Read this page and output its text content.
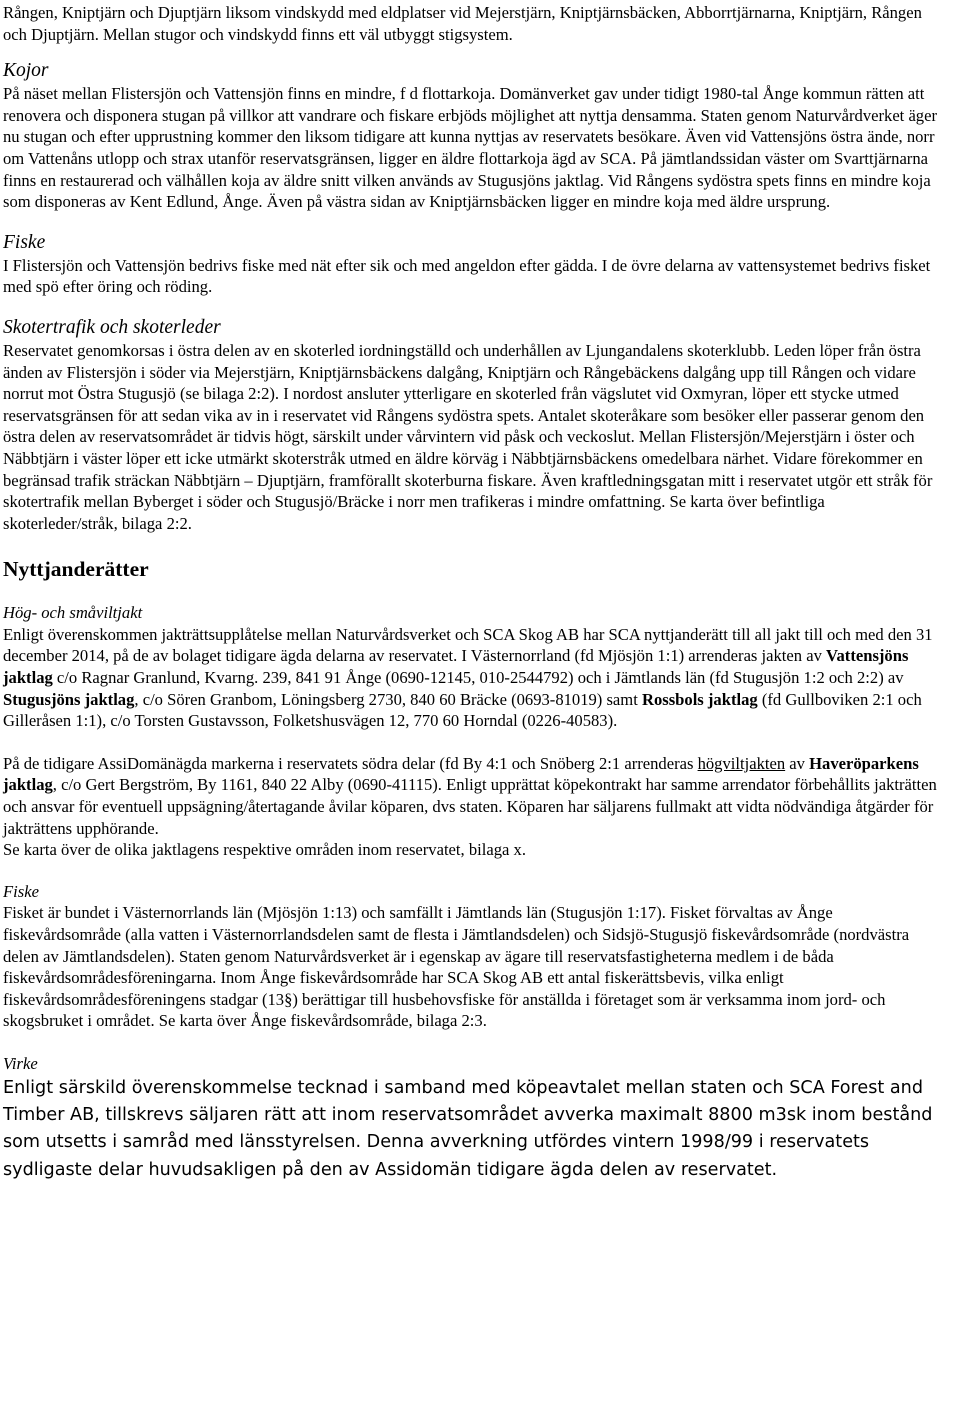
Rången, Kniptjärn och Djuptjärn liksom vindskydd med eldplatser vid Mejerstjärn, Kniptjärnsbäcken, Abborrtjärnarna, Kniptjärn, Rången och Djuptjärn. Mellan stugor och vindskydd finns ett väl utbyggt stigsystem.

Kojor

På näset mellan Flistersjön och Vattensjön finns en mindre, f d flottarkoja. Domänverket gav under tidigt 1980-tal Ånge kommun rätten att renovera och disponera stugan på villkor att vandrare och fiskare erbjöds möjlighet att nyttja densamma. Staten genom Naturvårdverket äger nu stugan och efter upprustning kommer den liksom tidigare att kunna nyttjas av reservatets besökare. Även vid Vattensjöns östra ände, norr om Vattenåns utlopp och strax utanför reservatsgränsen, ligger en äldre flottarkoja ägd av SCA. På jämtlandssidan väster om Svarttjärnarna finns en restaurerad och välhållen koja av äldre snitt vilken används av Stugusjöns jaktlag. Vid Rångens sydöstra spets finns en mindre koja som disponeras av Kent Edlund, Ånge. Även på västra sidan av Kniptjärnsbäcken ligger en mindre koja med äldre ursprung.

Fiske

I Flistersjön och Vattensjön bedrivs fiske med nät efter sik och med angeldon efter gädda. I de övre delarna av vattensystemet bedrivs fisket med spö efter öring och röding.

Skotertrafik och skoterleder

Reservatet genomkorsas i östra delen av en skoterled iordningställd och underhållen av Ljungandalens skoterklubb. Leden löper från östra änden av Flistersjön i söder via Mejerstjärn, Kniptjärnsbäckens dalgång, Kniptjärn och Rångebäckens dalgång upp till Rången och vidare norrut mot Östra Stugusjö (se bilaga 2:2). I nordost ansluter ytterligare en skoterled från vägslutet vid Oxmyran, löper ett stycke utmed reservatsgränsen för att sedan vika av in i reservatet vid Rångens sydöstra spets. Antalet skoteråkare som besöker eller passerar genom den östra delen av reservatsområdet är tidvis högt, särskilt under vårvintern vid påsk och veckoslut. Mellan Flistersjön/Mejerstjärn i öster och Näbbtjärn i väster löper ett icke utmärkt skoterstråk utmed en äldre körväg i Näbbtjärnsbäckens omedelbara närhet. Vidare förekommer en begränsad trafik sträckan Näbbtjärn – Djuptjärn, framförallt skoterburna fiskare. Även kraftledningsgatan mitt i reservatet utgör ett stråk för skotertrafik mellan Byberget i söder och Stugusjö/Bräcke i norr men trafikeras i mindre omfattning. Se karta över befintliga skoterleder/stråk, bilaga 2:2.

Nyttjanderätter
Hög- och småviltjakt

Enligt överenskommen jakträttsupplåtelse mellan Naturvårdsverket och SCA Skog AB har SCA nyttjanderätt till all jakt till och med den 31 december 2014, på de av bolaget tidigare ägda delarna av reservatet. I Västernorrland (fd Mjösjön 1:1) arrenderas jakten av Vattensjöns jaktlag c/o Ragnar Granlund, Kvarng. 239, 841 91 Ånge (0690-12145, 010-2544792) och i Jämtlands län (fd Stugusjön 1:2 och 2:2) av Stugusjöns jaktlag, c/o Sören Granbom, Löningsberg 2730, 840 60 Bräcke (0693-81019) samt Rossbols jaktlag (fd Gullboviken 2:1 och Gilleråsen 1:1), c/o Torsten Gustavsson, Folketshusvägen 12, 770 60 Horndal (0226-40583).

På de tidigare AssiDomänägda markerna i reservatets södra delar (fd By 4:1 och Snöberg 2:1 arrenderas högviltjakten av Haveröparkens jaktlag, c/o Gert Bergström, By 1161, 840 22 Alby (0690-41115). Enligt upprättat köpekontrakt har samme arrendator förbehållits jakträtten och ansvar för eventuell uppsägning/återtagande åvilar köparen, dvs staten. Köparen har säljarens fullmakt att vidta nödvändiga åtgärder för jakträttens upphörande.
Se karta över de olika jaktlagens respektive områden inom reservatet, bilaga x.

Fiske

Fisket är bundet i Västernorrlands län (Mjösjön 1:13) och samfällt i Jämtlands län (Stugusjön 1:17). Fisket förvaltas av Ånge fiskevårdsområde (alla vatten i Västernorrlandsdelen samt de flesta i Jämtlandsdelen) och Sidsjö-Stugusjö fiskevårdsområde (nordvästra delen av Jämtlandsdelen). Staten genom Naturvårdsverket är i egenskap av ägare till reservatsfastigheterna medlem i de båda fiskevårdsområdesföreningarna. Inom Ånge fiskevårdsområde har SCA Skog AB ett antal fiskerättsbevis, vilka enligt fiskevårdsområdesföreningens stadgar (13§) berättigar till husbehovsfiske för anställda i företaget som är verksamma inom jord- och skogsbruket i området. Se karta över Ånge fiskevårdsområde, bilaga 2:3.

Virke

Enligt särskild överenskommelse tecknad i samband med köpeavtalet mellan staten och SCA Forest and Timber AB, tillskrevs säljaren rätt att inom reservatsområdet avverka maximalt 8800 m3sk inom bestånd som utsetts i samråd med länsstyrelsen. Denna avverkning utfördes vintern 1998/99 i reservatets sydligaste delar huvudsakligen på den av Assidomän tidigare ägda delen av reservatet.
